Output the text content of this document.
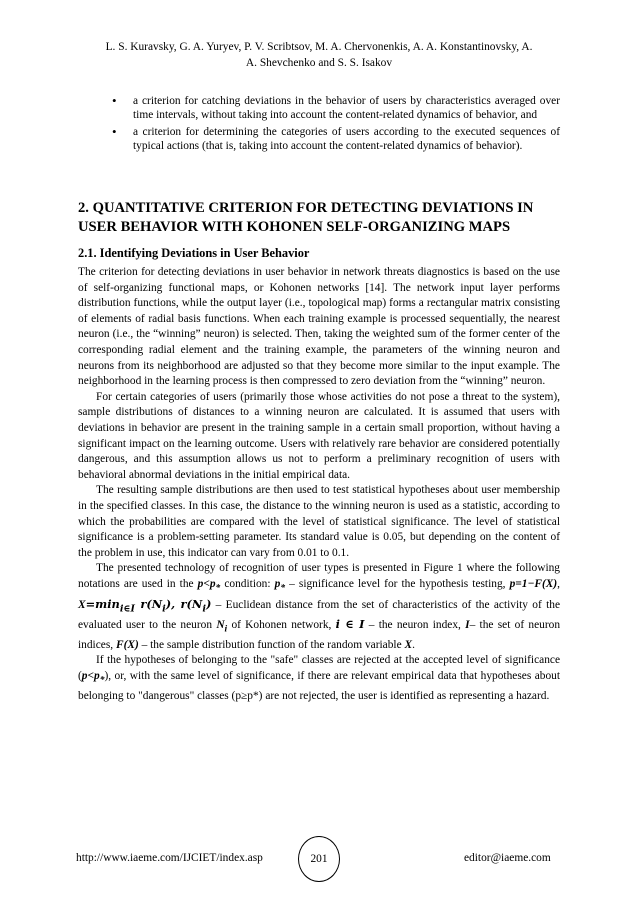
L. S. Kuravsky, G. A. Yuryev, P. V. Scribtsov, M. A. Chervonenkis, A. A. Konstantinovsky, A.
A. Shevchenko and S. S. Isakov
• a criterion for catching deviations in the behavior of users by characteristics averaged over time intervals, without taking into account the content-related dynamics of behavior, and
• a criterion for determining the categories of users according to the executed sequences of typical actions (that is, taking into account the content-related dynamics of behavior).
2. QUANTITATIVE CRITERION FOR DETECTING DEVIATIONS IN USER BEHAVIOR WITH KOHONEN SELF-ORGANIZING MAPS
2.1. Identifying Deviations in User Behavior

The criterion for detecting deviations in user behavior in network threats diagnostics is based on the use of self-organizing functional maps, or Kohonen networks [14]. The network input layer performs distribution functions, while the output layer (i.e., topological map) forms a rectangular matrix consisting of elements of radial basis functions. When each training example is processed sequentially, the nearest neuron (i.e., the “winning” neuron) is selected. Then, taking the weighted sum of the former center of the corresponding radial element and the training example, the parameters of the winning neuron and neurons from its neighborhood are adjusted so that they become more similar to the input example. The neighborhood in the learning process is then compressed to zero deviation from the “winning” neuron.

For certain categories of users (primarily those whose activities do not pose a threat to the system), sample distributions of distances to a winning neuron are calculated. It is assumed that users with deviations in behavior are present in the training sample in a certain small proportion, without having a significant impact on the learning outcome. Users with relatively rare behavior are considered potentially dangerous, and this assumption allows us not to perform a preliminary recognition of users with behavioral abnormal deviations in the initial empirical data.

The resulting sample distributions are then used to test statistical hypotheses about user membership in the specified classes. In this case, the distance to the winning neuron is used as a statistic, according to which the probabilities are compared with the level of statistical significance. The level of statistical significance is a problem-setting parameter. Its standard value is 0.05, but depending on the content of the problem in use, this indicator can vary from 0.01 to 0.1.

The presented technology of recognition of user types is presented in Figure 1 where the following notations are used in the $p<p_*$ condition: $p_*$ – significance level for the hypothesis testing, p=1−F(X), $X=\min_{i\in I}$ $r(N_i)$, $r(N_i)$ – Euclidean distance from the set of characteristics of the activity of the evaluated user to the neuron $N_i$ of Kohonen network, i ∈ I – the neuron index, I– the set of neuron indices, F(X) – the sample distribution function of the random variable X.

If the hypotheses of belonging to the "safe" classes are rejected at the accepted level of significance $(p<p_*)$, or, with the same level of significance, if there are relevant empirical data that hypotheses about belonging to "dangerous" classes (p≥p*) are not rejected, the user is identified as representing a hazard.

http://www.iaeme.com/IJCIET/index.asp	201	editor@iaeme.com
